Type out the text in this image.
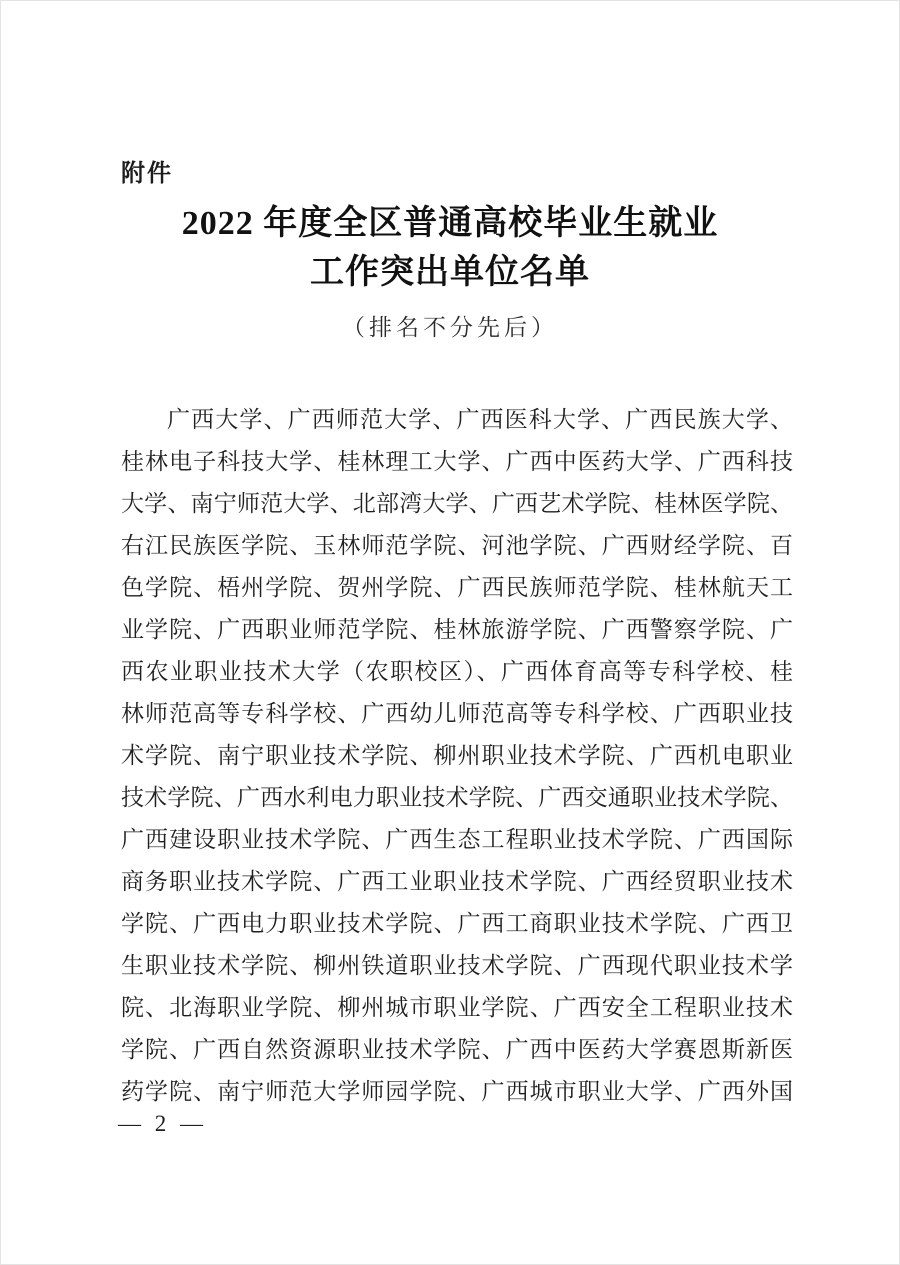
附件
2022 年度全区普通高校毕业生就业
工作突出单位名单
（排名不分先后）
广西大学、广西师范大学、广西医科大学、广西民族大学、
桂林电子科技大学、桂林理工大学、广西中医药大学、广西科技
大学、南宁师范大学、北部湾大学、广西艺术学院、桂林医学院、
右江民族医学院、玉林师范学院、河池学院、广西财经学院、百
色学院、梧州学院、贺州学院、广西民族师范学院、桂林航天工
业学院、广西职业师范学院、桂林旅游学院、广西警察学院、广
西农业职业技术大学（农职校区）、广西体育高等专科学校、桂
林师范高等专科学校、广西幼儿师范高等专科学校、广西职业技
术学院、南宁职业技术学院、柳州职业技术学院、广西机电职业
技术学院、广西水利电力职业技术学院、广西交通职业技术学院、
广西建设职业技术学院、广西生态工程职业技术学院、广西国际
商务职业技术学院、广西工业职业技术学院、广西经贸职业技术
学院、广西电力职业技术学院、广西工商职业技术学院、广西卫
生职业技术学院、柳州铁道职业技术学院、广西现代职业技术学
院、北海职业学院、柳州城市职业学院、广西安全工程职业技术
学院、广西自然资源职业技术学院、广西中医药大学赛恩斯新医
药学院、南宁师范大学师园学院、广西城市职业大学、广西外国
— 2 —
